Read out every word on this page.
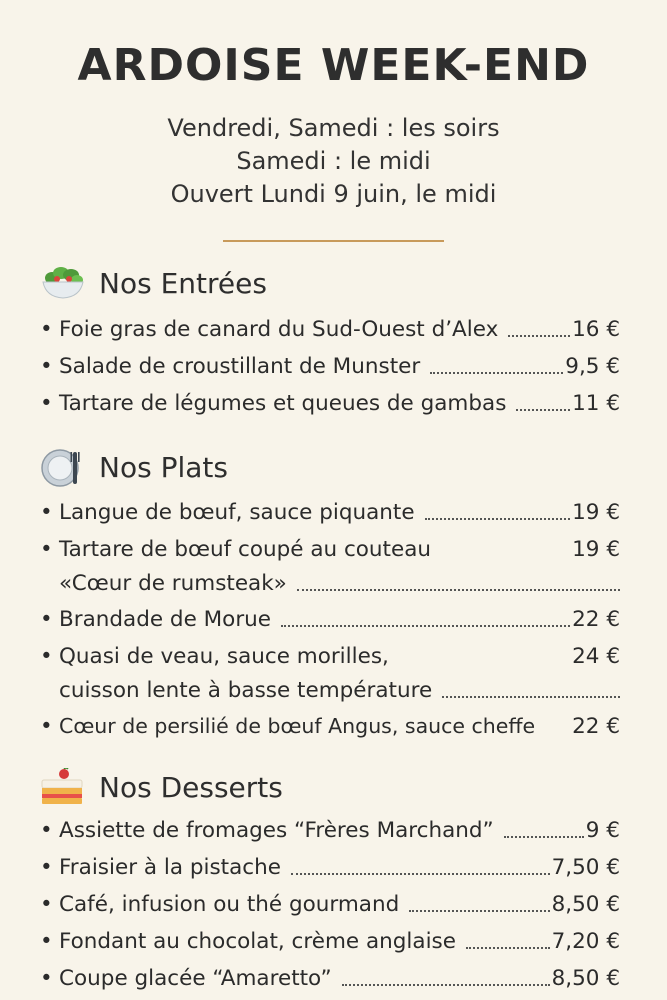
ARDOISE WEEK-END
Vendredi, Samedi : les soirs
Samedi : le midi
Ouvert Lundi 9 juin, le midi
Nos Entrées
• Foie gras de canard du Sud-Ouest d’Alex	16 €
• Salade de croustillant de Munster	9,5 €
• Tartare de légumes et queues de gambas	11 €
Nos Plats
• Langue de bœuf, sauce piquante	19 €
• Tartare de bœuf coupé au couteau	19 €
«Cœur de rumsteak»
• Brandade de Morue	22 €
• Quasi de veau, sauce morilles,	24 €
cuisson lente à basse température
• Cœur de persilié de bœuf Angus, sauce cheffe 22 €
Nos Desserts
• Assiette de fromages “Frères Marchand”	9 €
• Fraisier à la pistache	7,50 €
• Café, infusion ou thé gourmand	8,50 €
• Fondant au chocolat, crème anglaise	7,20 €
• Coupe glacée “Amaretto”	8,50 €
